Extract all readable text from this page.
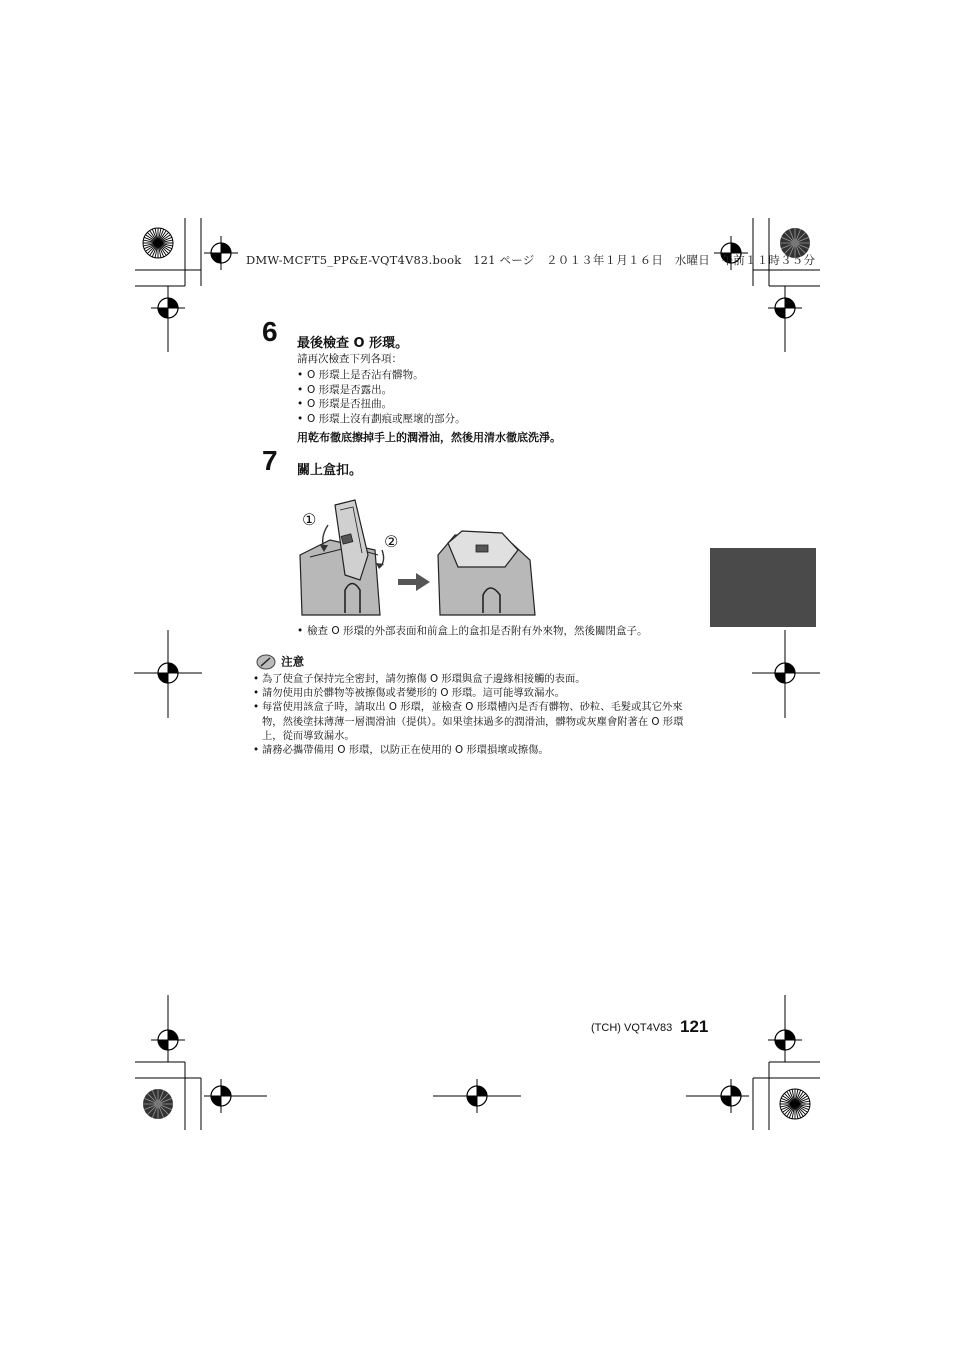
DMW-MCFT5_PP&E-VQT4V83.book　121 ページ　２０１３年１月１６日　水曜日　午前１１時３５分
6 最後檢查 O 形環。
請再次檢查下列各項：
• O 形環上是否沾有髒物。
• O 形環是否露出。
• O 形環是否扭曲。
• O 形環上沒有劃痕或壓壞的部分。
用乾布徹底擦掉手上的潤滑油，然後用清水徹底洗淨。
7 關上盒扣。
①
②
• 檢查 O 形環的外部表面和前盒上的盒扣是否附有外來物，然後關閉盒子。
注意
• 為了使盒子保持完全密封，請勿擦傷 O 形環與盒子邊緣相接觸的表面。
• 請勿使用由於髒物等被擦傷或者變形的 O 形環。這可能導致漏水。
• 每當使用該盒子時，請取出 O 形環，並檢查 O 形環槽內是否有髒物、砂粒、毛髮或其它外來物，然後塗抹薄薄一層潤滑油（提供）。如果塗抹過多的潤滑油，髒物或灰塵會附著在 O 形環上，從而導致漏水。
• 請務必攜帶備用 O 形環，以防正在使用的 O 形環損壞或擦傷。
(TCH) VQT4V83 121
